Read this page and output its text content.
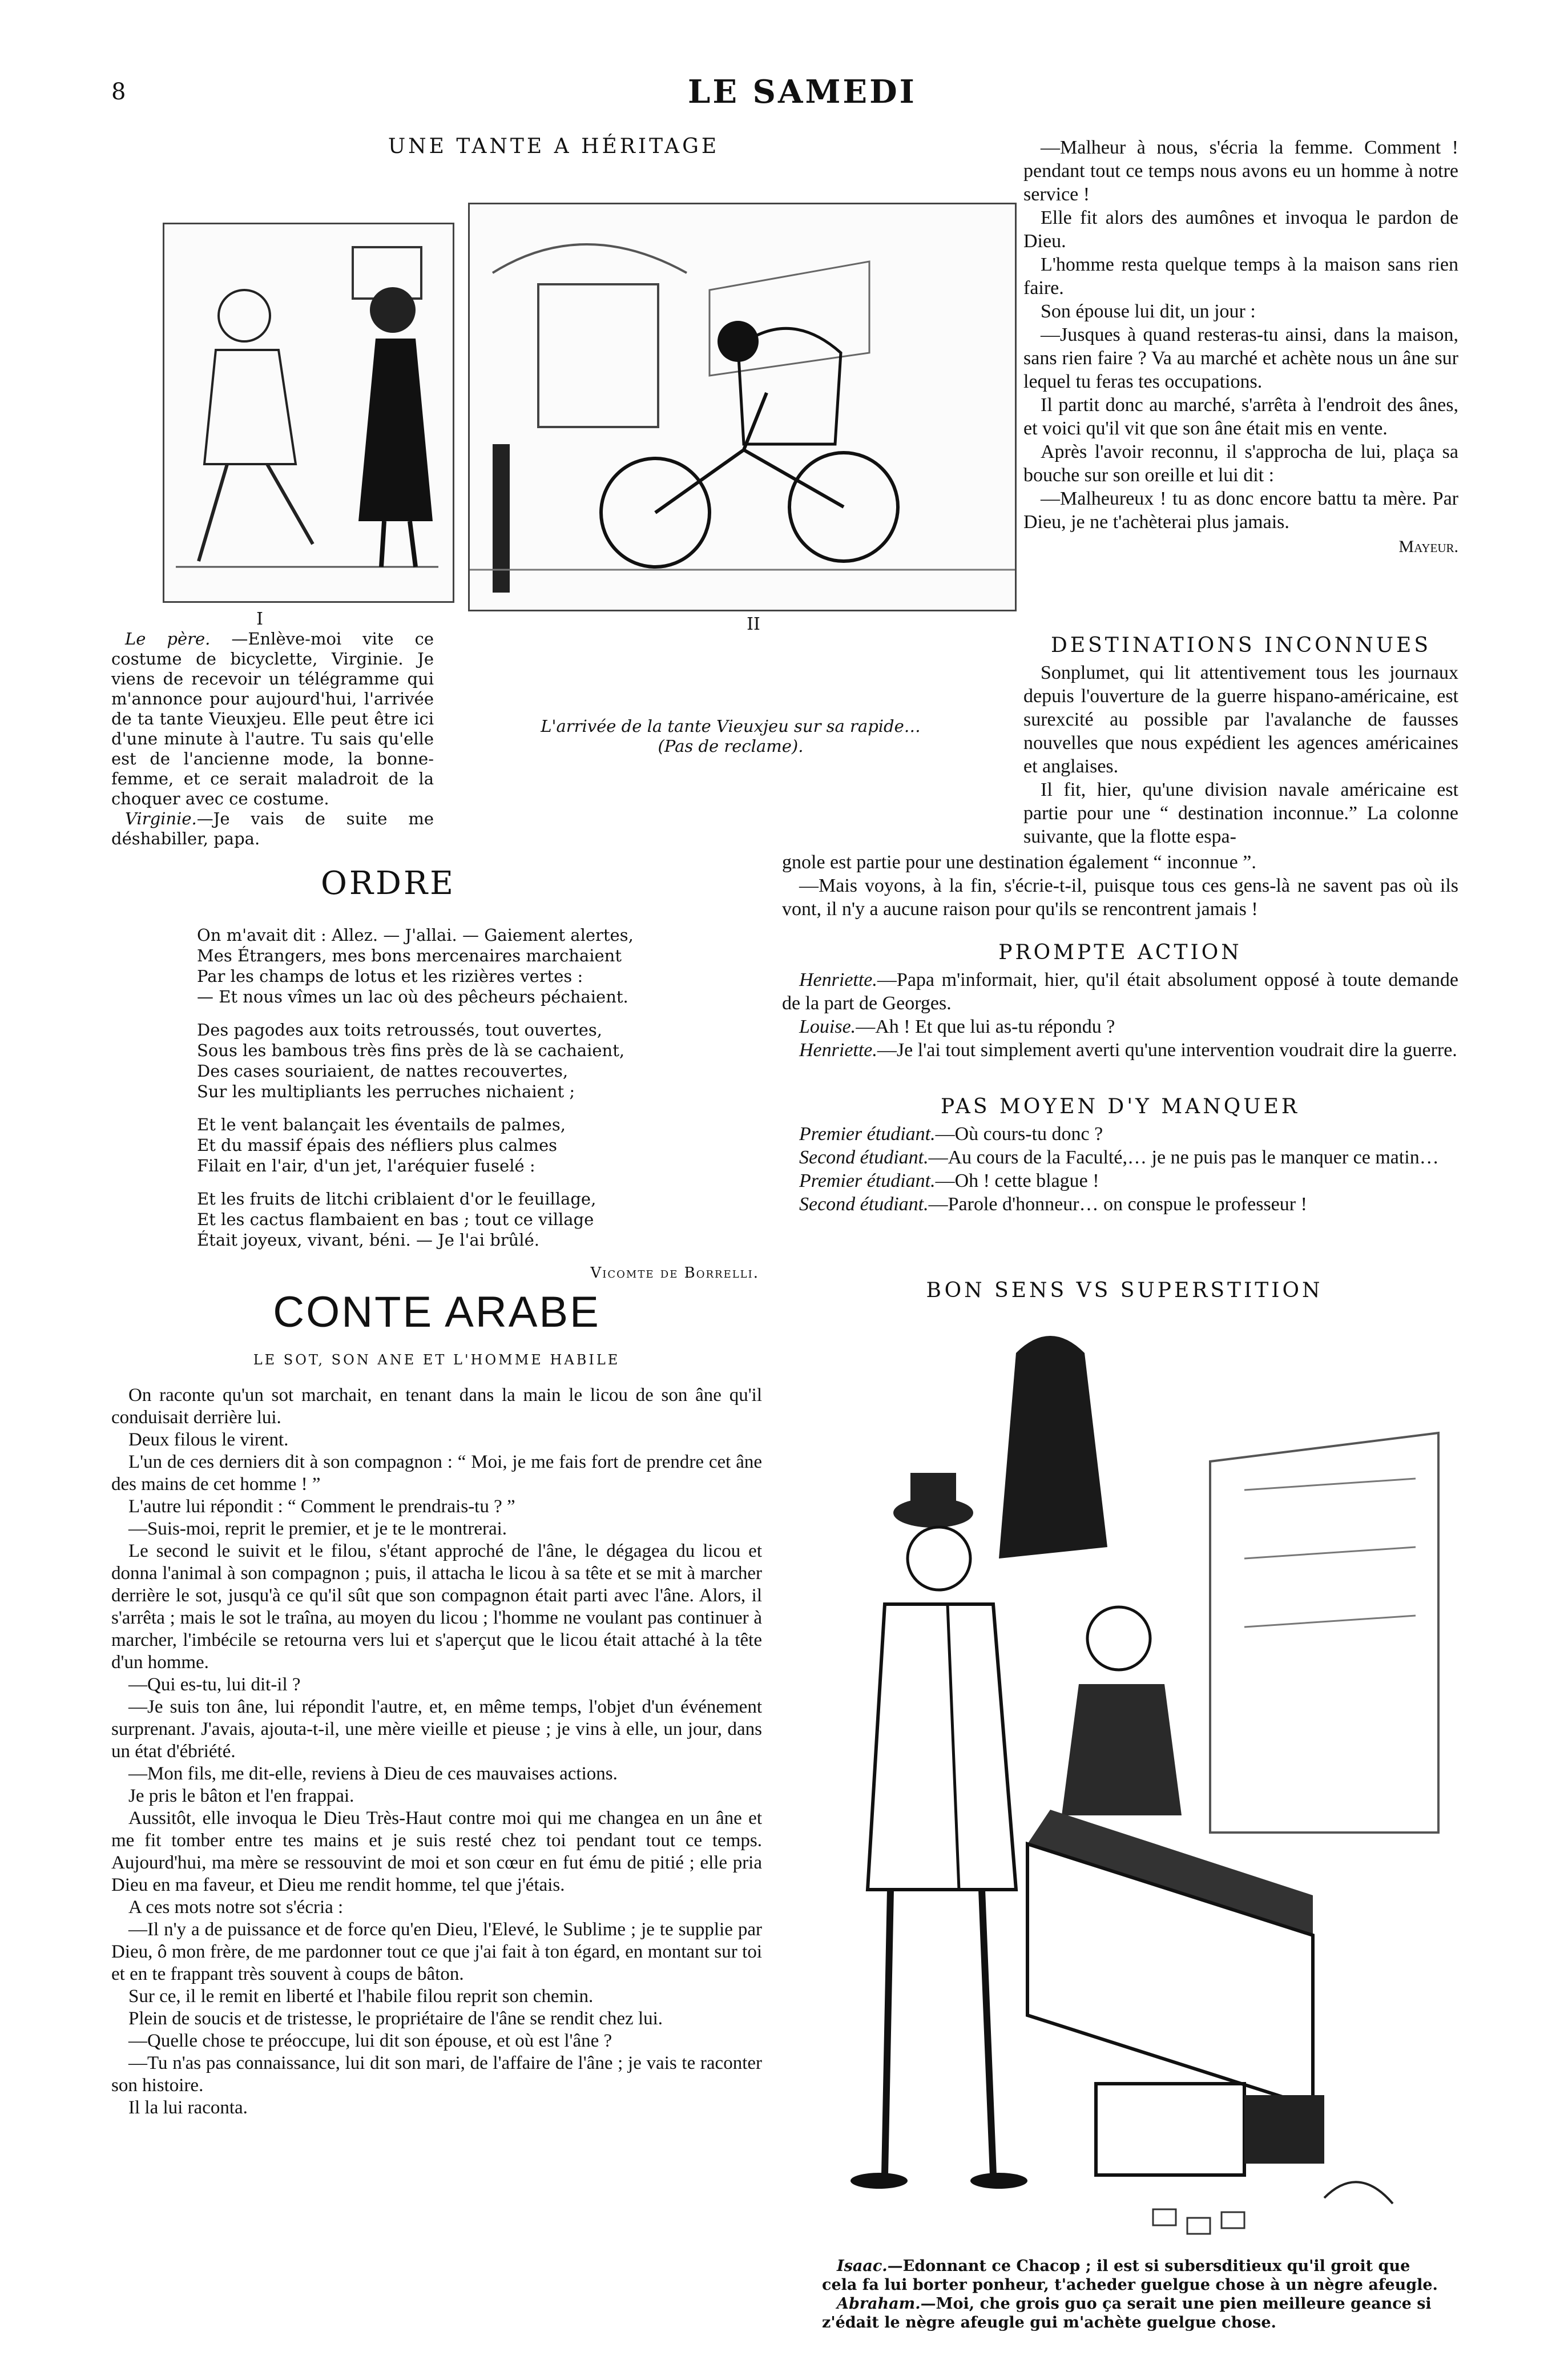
8	LE SAMEDI
UNE TANTE A HÉRITAGE
I	II

Le père. —Enlève-moi vite ce costume de bicyclette, Virginie. Je viens de recevoir un télégramme qui m'annonce pour aujourd'hui, l'arrivée de ta tante Vieuxjeu. Elle peut être ici d'une minute à l'autre. Tu sais qu'elle est de l'ancienne mode, la bonne-femme, et ce serait maladroit de la choquer avec ce costume.

Virginie.—Je vais de suite me déshabiller, papa.

L'arrivée de la tante Vieuxjeu sur sa rapide…
(Pas de reclame).

—Malheur à nous, s'écria la femme. Comment ! pendant tout ce temps nous avons eu un homme à notre service !

Elle fit alors des aumônes et invoqua le pardon de Dieu.

L'homme resta quelque temps à la maison sans rien faire.

Son épouse lui dit, un jour :

—Jusques à quand resteras-tu ainsi, dans la maison, sans rien faire ? Va au marché et achète nous un âne sur lequel tu feras tes occupations.

Il partit donc au marché, s'arrêta à l'endroit des ânes, et voici qu'il vit que son âne était mis en vente.

Après l'avoir reconnu, il s'approcha de lui, plaça sa bouche sur son oreille et lui dit :

—Malheureux ! tu as donc encore battu ta mère. Par Dieu, je ne t'achèterai plus jamais.

Mayeur.
DESTINATIONS INCONNUES

Sonplumet, qui lit attentivement tous les journaux depuis l'ouverture de la guerre hispano-américaine, est surexcité au possible par l'avalanche de fausses nouvelles que nous expédient les agences américaines et anglaises.

Il fit, hier, qu'une division navale américaine est partie pour une “ destination inconnue.” La colonne suivante, que la flotte espa-

gnole est partie pour une destination également “ inconnue ”.

—Mais voyons, à la fin, s'écrie-t-il, puisque tous ces gens-là ne savent pas où ils vont, il n'y a aucune raison pour qu'ils se rencontrent jamais !

PROMPTE ACTION

Henriette.—Papa m'informait, hier, qu'il était absolument opposé à toute demande de la part de Georges.

Louise.—Ah ! Et que lui as-tu répondu ?

Henriette.—Je l'ai tout simplement averti qu'une intervention voudrait dire la guerre.

PAS MOYEN D'Y MANQUER

Premier étudiant.—Où cours-tu donc ?

Second étudiant.—Au cours de la Faculté,… je ne puis pas le manquer ce matin…

Premier étudiant.—Oh ! cette blague !

Second étudiant.—Parole d'honneur… on conspue le professeur !

ORDRE
On m'avait dit : Allez. — J'allai. — Gaiement alertes,
Mes Étrangers, mes bons mercenaires marchaient
Par les champs de lotus et les rizières vertes :
— Et nous vîmes un lac où des pêcheurs péchaient.
Des pagodes aux toits retroussés, tout ouvertes,
Sous les bambous très fins près de là se cachaient,
Des cases souriaient, de nattes recouvertes,
Sur les multipliants les perruches nichaient ;
Et le vent balançait les éventails de palmes,
Et du massif épais des néfliers plus calmes
Filait en l'air, d'un jet, l'aréquier fuselé :
Et les fruits de litchi criblaient d'or le feuillage,
Et les cactus flambaient en bas ; tout ce village
Était joyeux, vivant, béni. — Je l'ai brûlé.
Vicomte de Borrelli.
CONTE ARABE
LE SOT, SON ANE ET L'HOMME HABILE

On raconte qu'un sot marchait, en tenant dans la main le licou de son âne qu'il conduisait derrière lui.

Deux filous le virent.

L'un de ces derniers dit à son compagnon : “ Moi, je me fais fort de prendre cet âne des mains de cet homme ! ”

L'autre lui répondit : “ Comment le prendrais-tu ? ”

—Suis-moi, reprit le premier, et je te le montrerai.

Le second le suivit et le filou, s'étant approché de l'âne, le dégagea du licou et donna l'animal à son compagnon ; puis, il attacha le licou à sa tête et se mit à marcher derrière le sot, jusqu'à ce qu'il sût que son compagnon était parti avec l'âne. Alors, il s'arrêta ; mais le sot le traîna, au moyen du licou ; l'homme ne voulant pas continuer à marcher, l'imbécile se retourna vers lui et s'aperçut que le licou était attaché à la tête d'un homme.

—Qui es-tu, lui dit-il ?

—Je suis ton âne, lui répondit l'autre, et, en même temps, l'objet d'un événement surprenant. J'avais, ajouta-t-il, une mère vieille et pieuse ; je vins à elle, un jour, dans un état d'ébriété.

—Mon fils, me dit-elle, reviens à Dieu de ces mauvaises actions.

Je pris le bâton et l'en frappai.

Aussitôt, elle invoqua le Dieu Très-Haut contre moi qui me changea en un âne et me fit tomber entre tes mains et je suis resté chez toi pendant tout ce temps. Aujourd'hui, ma mère se ressouvint de moi et son cœur en fut ému de pitié ; elle pria Dieu en ma faveur, et Dieu me rendit homme, tel que j'étais.

A ces mots notre sot s'écria :

—Il n'y a de puissance et de force qu'en Dieu, l'Elevé, le Sublime ; je te supplie par Dieu, ô mon frère, de me pardonner tout ce que j'ai fait à ton égard, en montant sur toi et en te frappant très souvent à coups de bâton.

Sur ce, il le remit en liberté et l'habile filou reprit son chemin.

Plein de soucis et de tristesse, le propriétaire de l'âne se rendit chez lui.

—Quelle chose te préoccupe, lui dit son épouse, et où est l'âne ?

—Tu n'as pas connaissance, lui dit son mari, de l'affaire de l'âne ; je vais te raconter son histoire.

Il la lui raconta.

BON SENS VS SUPERSTITION

Isaac.—Edonnant ce Chacop ; il est si subersditieux qu'il groit que cela fa lui borter ponheur, t'acheder guelgue chose à un nègre afeugle.

Abraham.—Moi, che grois guo ça serait une pien meilleure geance si z'édait le nègre afeugle gui m'achète guelgue chose.
